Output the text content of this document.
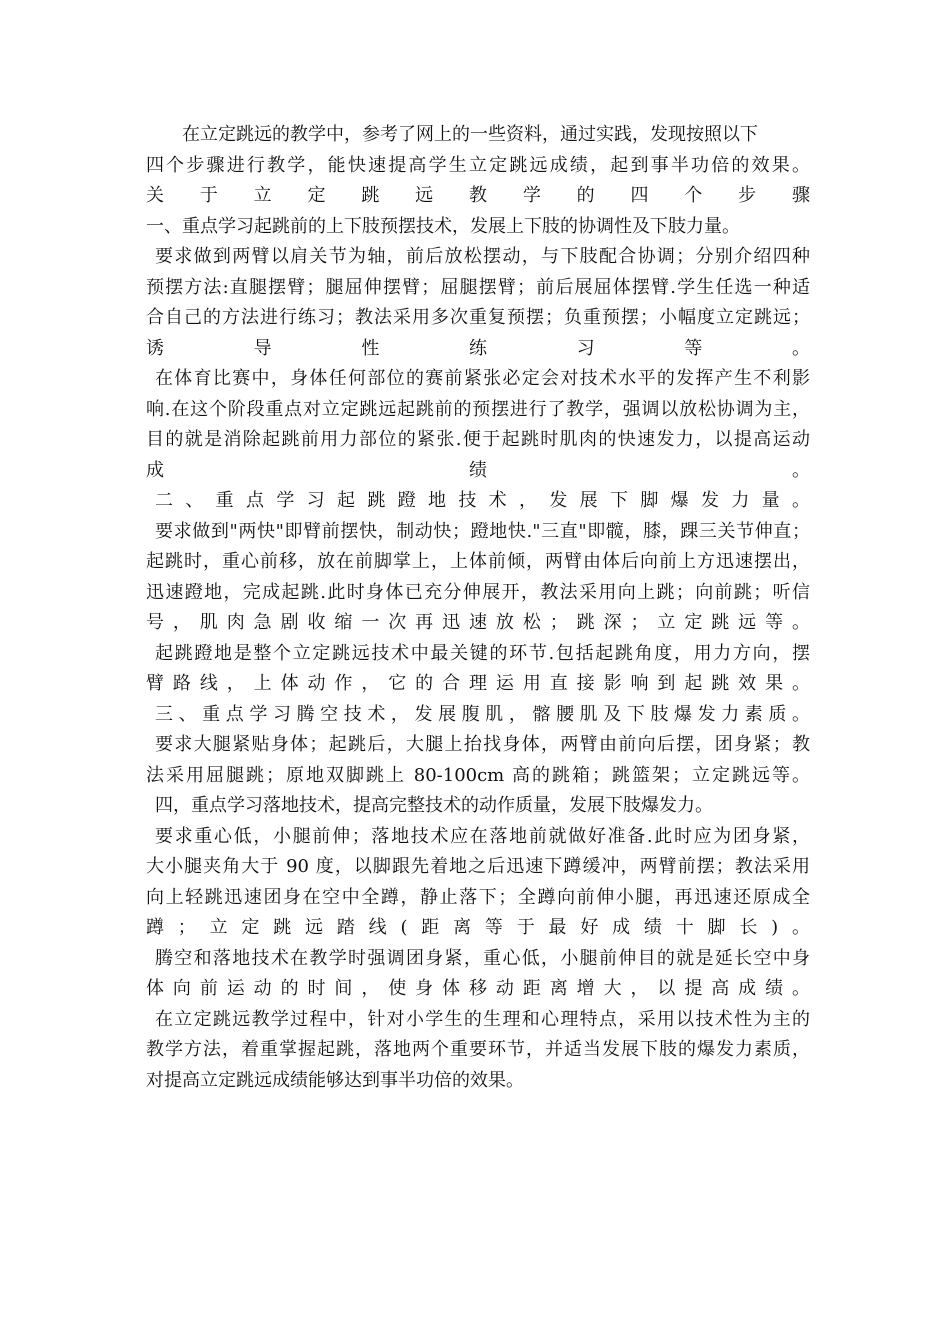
在立定跳远的教学中，参考了网上的一些资料，通过实践，发现按照以下
四个步骤进行教学，能快速提高学生立定跳远成绩，起到事半功倍的效果。
关于立定跳远教学的四个步骤
一、重点学习起跳前的上下肢预摆技术，发展上下肢的协调性及下肢力量。
要求做到两臂以肩关节为轴，前后放松摆动，与下肢配合协调；分别介绍四种
预摆方法:直腿摆臂；腿屈伸摆臂；屈腿摆臂；前后展屈体摆臂.学生任选一种适
合自己的方法进行练习；教法采用多次重复预摆；负重预摆；小幅度立定跳远；
诱导性练习等。
在体育比赛中，身体任何部位的赛前紧张必定会对技术水平的发挥产生不利影
响.在这个阶段重点对立定跳远起跳前的预摆进行了教学，强调以放松协调为主，
目的就是消除起跳前用力部位的紧张.便于起跳时肌肉的快速发力，以提高运动
成绩。
二、重点学习起跳蹬地技术，发展下脚爆发力量。
要求做到"两快"即臂前摆快，制动快；蹬地快."三直"即髋，膝，踝三关节伸直；
起跳时，重心前移，放在前脚掌上，上体前倾，两臂由体后向前上方迅速摆出，
迅速蹬地，完成起跳.此时身体已充分伸展开，教法采用向上跳；向前跳；听信
号，肌肉急剧收缩一次再迅速放松；跳深；立定跳远等。
起跳蹬地是整个立定跳远技术中最关键的环节.包括起跳角度，用力方向，摆
臂路线，上体动作，它的合理运用直接影响到起跳效果。
三、重点学习腾空技术，发展腹肌，髂腰肌及下肢爆发力素质。
要求大腿紧贴身体；起跳后，大腿上抬找身体，两臂由前向后摆，团身紧；教
法采用屈腿跳；原地双脚跳上 80-100cm 高的跳箱；跳篮架；立定跳远等。
四，重点学习落地技术，提高完整技术的动作质量，发展下肢爆发力。
要求重心低，小腿前伸；落地技术应在落地前就做好准备.此时应为团身紧，
大小腿夹角大于 90 度，以脚跟先着地之后迅速下蹲缓冲，两臂前摆；教法采用
向上轻跳迅速团身在空中全蹲，静止落下；全蹲向前伸小腿，再迅速还原成全
蹲；立定跳远踏线(距离等于最好成绩十脚长)。
腾空和落地技术在教学时强调团身紧，重心低，小腿前伸目的就是延长空中身
体向前运动的时间，使身体移动距离增大，以提高成绩。
在立定跳远教学过程中，针对小学生的生理和心理特点，采用以技术性为主的
教学方法，着重掌握起跳，落地两个重要环节，并适当发展下肢的爆发力素质，
对提高立定跳远成绩能够达到事半功倍的效果。
